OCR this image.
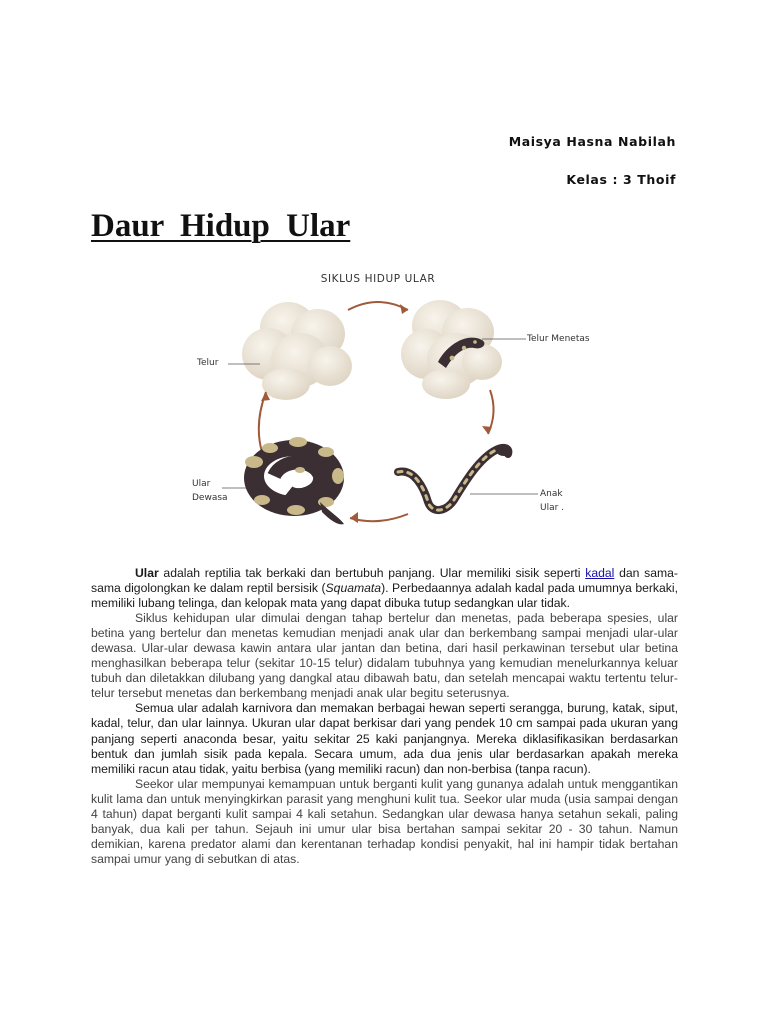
Maisya Hasna Nabilah
Kelas : 3 Thoif
Daur Hidup Ular
SIKLUS HIDUP ULAR
Telur
Telur Menetas
Ular
Dewasa	Anak
Ular .

Ular adalah reptilia tak berkaki dan bertubuh panjang. Ular memiliki sisik seperti kadal dan sama-sama digolongkan ke dalam reptil bersisik (Squamata). Perbedaannya adalah kadal pada umumnya berkaki, memiliki lubang telinga, dan kelopak mata yang dapat dibuka tutup sedangkan ular tidak.

Siklus kehidupan ular dimulai dengan tahap bertelur dan menetas, pada beberapa spesies, ular betina yang bertelur dan menetas kemudian menjadi anak ular dan berkembang sampai menjadi ular-ular dewasa. Ular-ular dewasa kawin antara ular jantan dan betina, dari hasil perkawinan tersebut ular betina menghasilkan beberapa telur (sekitar 10-15 telur) didalam tubuhnya yang kemudian menelurkannya keluar tubuh dan diletakkan dilubang yang dangkal atau dibawah batu, dan setelah mencapai waktu tertentu telur-telur tersebut menetas dan berkembang menjadi anak ular begitu seterusnya.

Semua ular adalah karnivora dan memakan berbagai hewan seperti serangga, burung, katak, siput, kadal, telur, dan ular lainnya. Ukuran ular dapat berkisar dari yang pendek 10 cm sampai pada ukuran yang panjang seperti anaconda besar, yaitu sekitar 25 kaki panjangnya. Mereka diklasifikasikan berdasarkan bentuk dan jumlah sisik pada kepala. Secara umum, ada dua jenis ular berdasarkan apakah mereka memiliki racun atau tidak, yaitu berbisa (yang memiliki racun) dan non-berbisa (tanpa racun).

Seekor ular mempunyai kemampuan untuk berganti kulit yang gunanya adalah untuk menggantikan kulit lama dan untuk menyingkirkan parasit yang menghuni kulit tua. Seekor ular muda (usia sampai dengan 4 tahun) dapat berganti kulit sampai 4 kali setahun. Sedangkan ular dewasa hanya setahun sekali, paling banyak, dua kali per tahun. Sejauh ini umur ular bisa bertahan sampai sekitar 20 - 30 tahun. Namun demikian, karena predator alami dan kerentanan terhadap kondisi penyakit, hal ini hampir tidak bertahan sampai umur yang di sebutkan di atas.
